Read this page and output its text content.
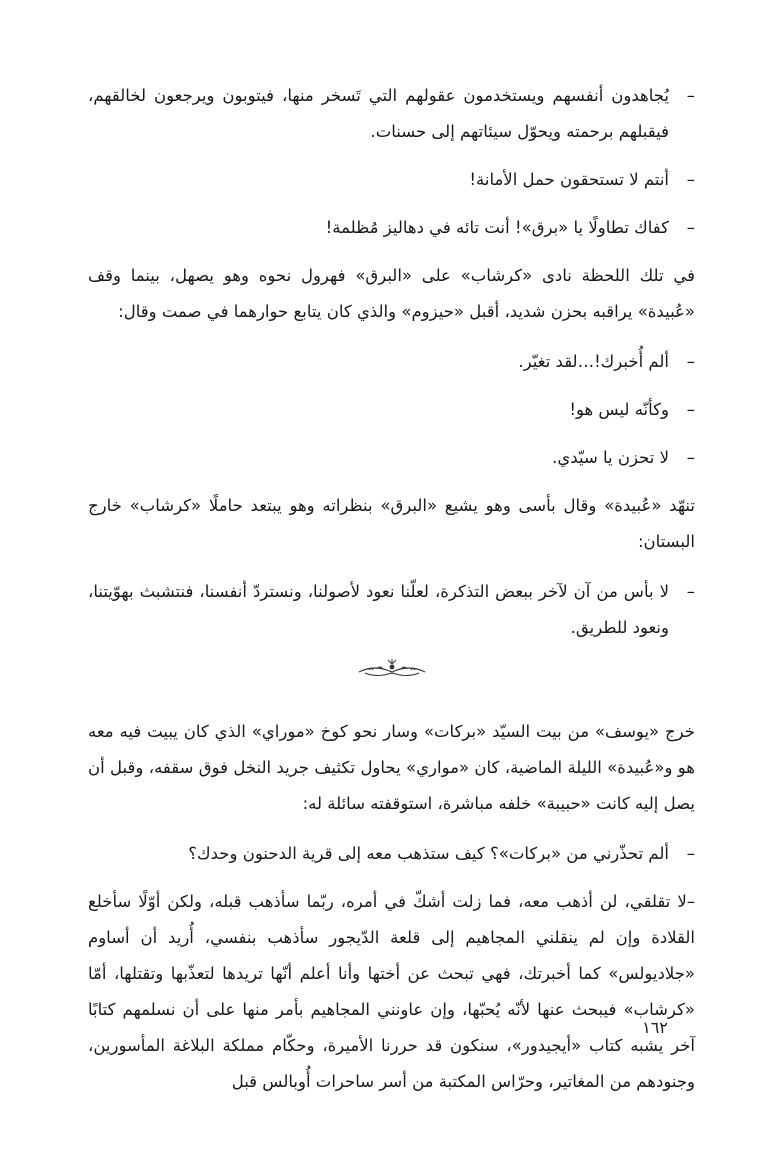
–
يُجاهدون أنفسهم ويستخدمون عقولهم التي تَسخر منها، فيتوبون ويرجعون لخالقهم، فيقبلهم برحمته ويحوّل سيئاتهم إلى حسنات.
–
أنتم لا تستحقون حمل الأمانة!
–
كفاك تطاولًا يا «برق»! أنت تائه في دهاليز مُظلمة!

في تلك اللحظة نادى «كرشاب» على «البرق» فهرول نحوه وهو يصهل، بينما وقف «عُبيدة» يراقبه بحزن شديد، أقبل «حيزوم» والذي كان يتابع حوارهما في صمت وقال:

–
ألم أُخبرك!…لقد تغيّر.
–
وكأنّه ليس هو!
–
لا تحزن يا سيّدي.

تنهّد «عُبيدة» وقال بأسى وهو يشيع «البرق» بنظراته وهو يبتعد حاملًا «كرشاب» خارج البستان:

–
لا بأس من آن لآخر ببعض التذكرة، لعلّنا نعود لأصولنا، ونستردّ أنفسنا، فنتشبث بهوّيتنا، ونعود للطريق.

خرج «يوسف» من بيت السيّد «بركات» وسار نحو كوخ «موراي» الذي كان يبيت فيه معه هو و«عُبيدة» الليلة الماضية، كان «مواري» يحاول تكثيف جريد النخل فوق سقفه، وقبل أن يصل إليه كانت «حبيبة» خلفه مباشرة، استوقفته سائلة له:

–
ألم تحذّرني من «بركات»؟ كيف ستذهب معه إلى قرية الدحنون وحدك؟

–لا تقلقي، لن أذهب معه، فما زلت أشكّ في أمره، ربّما سأذهب قبله، ولكن أوّلًا سأخلع القلادة وإن لم ينقلني المجاهيم إلى قلعة الدّيجور سأذهب بنفسي، أُريد أن أساوم «جلاديولس» كما أخبرتك، فهي تبحث عن أختها وأنا أعلم أنّها تريدها لتعذّبها وتقتلها، أمّا «كرشاب» فيبحث عنها لأنّه يُحبّها، وإن عاونني المجاهيم بأمر منها على أن نسلمهم كتابًا آخر يشبه كتاب «أيجيدور»، سنكون قد حررنا الأميرة، وحكّام مملكة البلاغة المأسورين، وجنودهم من المغاتير، وحرّاس المكتبة من أسر ساحرات أُوبالس قبل

١٦٢
